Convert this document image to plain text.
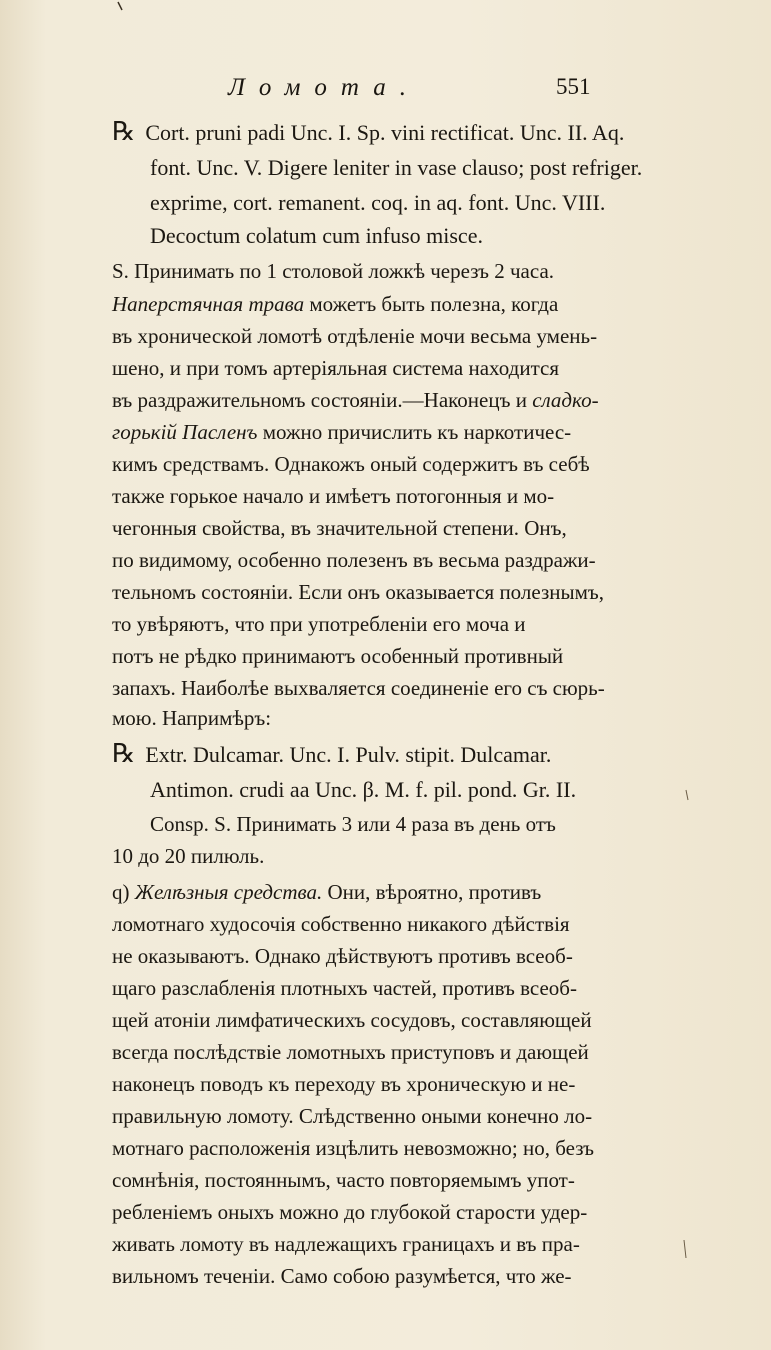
Ломота.	551
℞ Cort. pruni padi Unc. I. Sp. vini rectificat. Unc. II. Aq.
font. Unc. V. Digere leniter in vase clauso; post refriger.
exprime, cort. remanent. coq. in aq. font. Unc. VIII.
Decoctum colatum cum infuso misce.
S. Принимать по 1 столовой ложкѣ черезъ 2 часа.
Наперстячная трава можетъ быть полезна, когда
въ хронической ломотѣ отдѣленіе мочи весьма умень-
шено, и при томъ артеріяльная система находится
въ раздражительномъ состояніи.—Наконецъ и сладко-
горькій Пасленъ можно причислить къ наркотичес-
кимъ средствамъ. Однакожъ оный содержитъ въ себѣ
также горькое начало и имѣетъ потогонныя и мо-
чегонныя свойства, въ значительной степени. Онъ,
по видимому, особенно полезенъ въ весьма раздражи-
тельномъ состояніи. Если онъ оказывается полезнымъ,
то увѣряютъ, что при употребленіи его моча и
потъ не рѣдко принимаютъ особенный противный
запахъ. Наиболѣе выхваляется соединеніе его съ сюрь-
мою. Напримѣръ:
℞ Extr. Dulcamar. Unc. I. Pulv. stipit. Dulcamar.
Antimon. crudi aa Unc. β. M. f. pil. pond. Gr. II.
Consp. S. Принимать 3 или 4 раза въ день отъ
10 до 20 пилюль.
q) Желѣзныя средства. Они, вѣроятно, противъ
ломотнаго худосочія собственно никакого дѣйствія
не оказываютъ. Однако дѣйствуютъ противъ всеоб-
щаго разслабленія плотныхъ частей, противъ всеоб-
щей атоніи лимфатическихъ сосудовъ, составляющей
всегда послѣдствіе ломотныхъ приступовъ и дающей
наконецъ поводъ къ переходу въ хроническую и не-
правильную ломоту. Слѣдственно оными конечно ло-
мотнаго расположенія изцѣлить невозможно; но, безъ
сомнѣнія, постояннымъ, часто повторяемымъ упот-
ребленіемъ оныхъ можно до глубокой старости удер-
живать ломоту въ надлежащихъ границахъ и въ пра-
вильномъ теченіи. Само собою разумѣется, что же-
